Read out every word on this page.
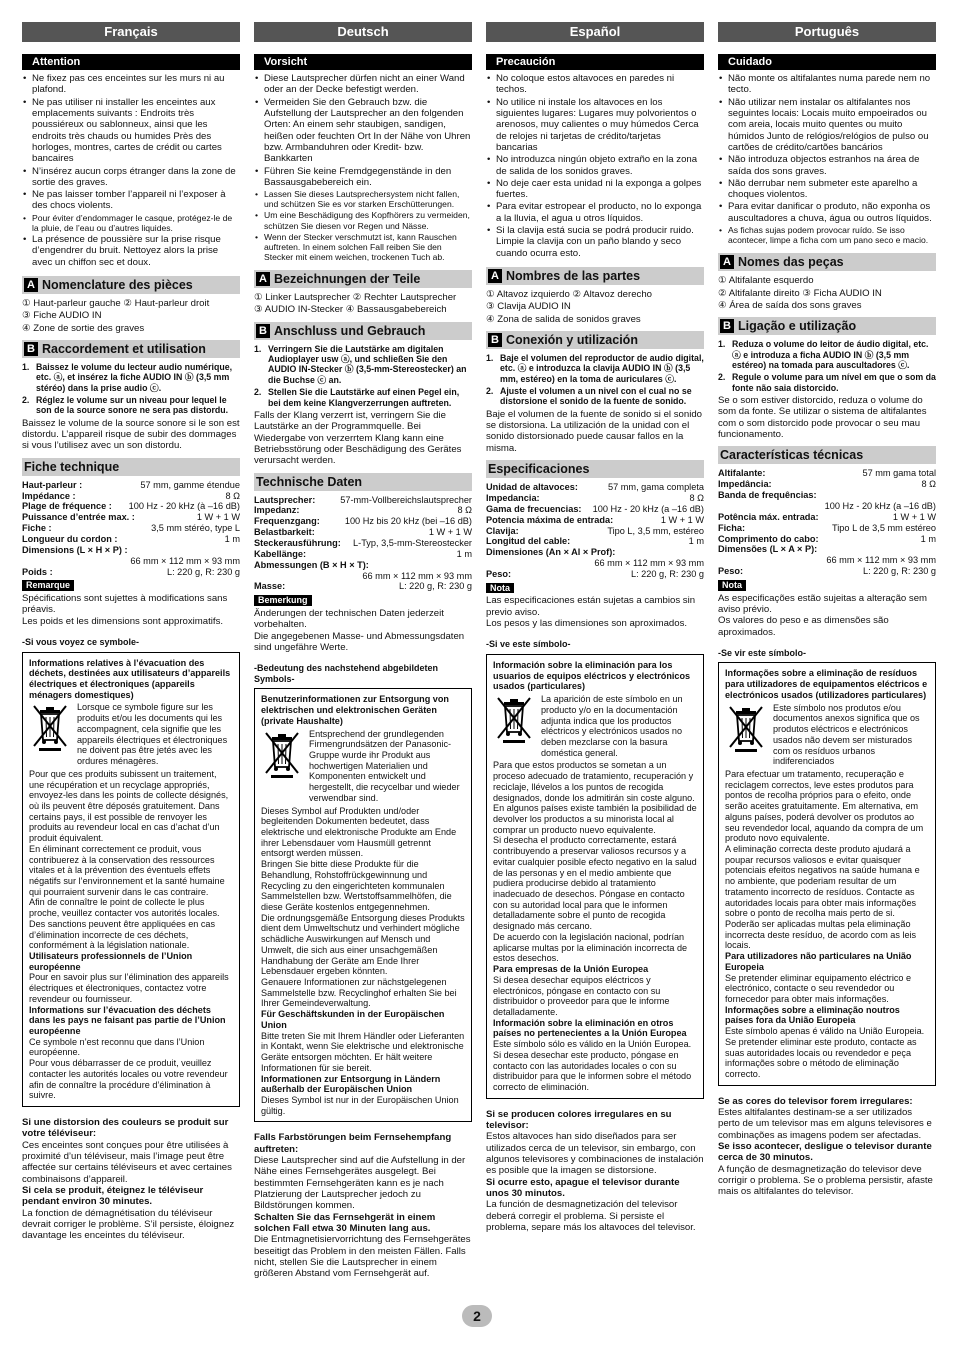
Français
Attention
• Ne fixez pas ces enceintes sur les murs ni au plafond.
• Ne pas utiliser ni installer les enceintes aux emplacements suivants : Endroits très poussiéreux ou sablonneux, ainsi que les endroits très chauds ou humides Près des horloges, montres, cartes de crédit ou cartes bancaires
• N’insérez aucun corps étranger dans la zone de sortie des graves.
• Ne pas laisser tomber l’appareil ni l’exposer à des chocs violents.
• Pour éviter d’endommager le casque, protégez-le de la pluie, de l’eau ou d’autres liquides.
• La présence de poussière sur la prise risque d’engendrer du bruit. Nettoyez alors la prise avec un chiffon sec et doux.
A Nomenclature des pièces
① Haut-parleur gauche ② Haut-parleur droit
③ Fiche AUDIO IN
④ Zone de sortie des graves
B Raccordement et utilisation
1. Baissez le volume du lecteur audio numérique, etc. ⓐ, et insérez la fiche AUDIO IN ⓑ (3,5 mm stéréo) dans la prise audio ⓒ.
2. Réglez le volume sur un niveau pour lequel le son de la source sonore ne sera pas distordu.
Baissez le volume de la source sonore si le son est distordu. L’appareil risque de subir des dommages si vous l’utilisez avec un son distordu.
Fiche technique
Haut-parleur :	57 mm, gamme étendue
Impédance :	8 Ω
Plage de fréquence : 100 Hz - 20 kHz (à –16 dB)
Puissance d’entrée max. :	1 W + 1 W
Fiche :	3,5 mm stéréo, type L
Longueur du cordon :	1 m
Dimensions (L × H × P) :
66 mm × 112 mm × 93 mm
Poids :	L: 220 g, R: 230 g
Remarque
Spécifications sont sujettes à modifications sans préavis.
Les poids et les dimensions sont approximatifs.
-Si vous voyez ce symbole-
Informations relatives à l’évacuation des déchets, destinées aux utilisateurs d’appareils électriques et électroniques (appareils ménagers domestiques)
Lorsque ce symbole figure sur les produits et/ou les documents qui les accompagnent, cela signifie que les appareils électriques et électroniques ne doivent pas être jetés avec les ordures ménagères.
Pour que ces produits subissent un traitement, une récupération et un recyclage appropriés, envoyez-les dans les points de collecte désignés, où ils peuvent être déposés gratuitement. Dans certains pays, il est possible de renvoyer les produits au revendeur local en cas d’achat d’un produit équivalent.
En éliminant correctement ce produit, vous contribuerez à la conservation des ressources vitales et à la prévention des éventuels effets négatifs sur l’environnement et la santé humaine qui pourraient survenir dans le cas contraire.
Afin de connaître le point de collecte le plus proche, veuillez contacter vos autorités locales. Des sanctions peuvent être appliquées en cas d’élimination incorrecte de ces déchets, conformément à la législation nationale.
Utilisateurs professionnels de l’Union européenne
Pour en savoir plus sur l’élimination des appareils électriques et électroniques, contactez votre revendeur ou fournisseur.
Informations sur l’évacuation des déchets dans les pays ne faisant pas partie de l’Union européenne
Ce symbole n’est reconnu que dans l’Union européenne.
Pour vous débarrasser de ce produit, veuillez contacter les autorités locales ou votre revendeur afin de connaître la procédure d’élimination à suivre.
Si une distorsion des couleurs se produit sur votre téléviseur:
Ces enceintes sont conçues pour être utilisées à proximité d’un téléviseur, mais l’image peut être affectée sur certains téléviseurs et avec certaines combinaisons d’appareil.
Si cela se produit, éteignez le téléviseur pendant environ 30 minutes.
La fonction de démagnétisation du téléviseur devrait corriger le problème. S’il persiste, éloignez davantage les enceintes du téléviseur.
Deutsch
Vorsicht
• Diese Lautsprecher dürfen nicht an einer Wand oder an der Decke befestigt werden.
• Vermeiden Sie den Gebrauch bzw. die Aufstellung der Lautsprecher an den folgenden Orten: An einem sehr staubigen, sandigen, heißen oder feuchten Ort In der Nähe von Uhren bzw. Armbanduhren oder Kredit- bzw. Bankkarten
• Führen Sie keine Fremdgegenstände in den Bassausgabebereich ein.
• Lassen Sie dieses Lautsprechersystem nicht fallen, und schützen Sie es vor starken Erschütterungen.
• Um eine Beschädigung des Kopfhörers zu vermeiden, schützen Sie diesen vor Regen und Nässe.
• Wenn der Stecker verschmutzt ist, kann Rauschen auftreten. In einem solchen Fall reiben Sie den Stecker mit einem weichen, trockenen Tuch ab.
A Bezeichnungen der Teile
① Linker Lautsprecher ② Rechter Lautsprecher
③ AUDIO IN-Stecker ④ Bassausgabebereich
B Anschluss und Gebrauch
1. Verringern Sie die Lautstärke am digitalen Audioplayer usw ⓐ, und schließen Sie den AUDIO IN-Stecker ⓑ (3,5-mm-Stereostecker) an die Buchse ⓒ an.
2. Stellen Sie die Lautstärke auf einen Pegel ein, bei dem keine Klangverzerrungen auftreten.
Falls der Klang verzerrt ist, verringern Sie die Lautstärke an der Programmquelle. Bei Wiedergabe von verzerrtem Klang kann eine Betriebsstörung oder Beschädigung des Gerätes verursacht werden.
Technische Daten
Lautsprecher:	57-mm-Vollbereichslautsprecher
Impedanz:	8 Ω
Frequenzgang:	100 Hz bis 20 kHz (bei –16 dB)
Belastbarkeit:	1 W + 1 W
Steckerausführung: L-Typ, 3,5-mm-Stereostecker
Kabellänge:	1 m
Abmessungen (B × H × T):
66 mm × 112 mm × 93 mm
Masse:	L: 220 g, R: 230 g
Bemerkung
Änderungen der technischen Daten jederzeit vorbehalten.
Die angegebenen Masse- und Abmessungsdaten sind ungefähre Werte.
-Bedeutung des nachstehend abgebildeten Symbols-
Benutzerinformationen zur Entsorgung von elektrischen und elektronischen Geräten (private Haushalte)
Entsprechend der grundlegenden Firmengrundsätzen der Panasonic-Gruppe wurde ihr Produkt aus hochwertigen Materialien und Komponenten entwickelt und hergestellt, die recycelbar und wieder verwendbar sind.
Dieses Symbol auf Produkten und/oder begleitenden Dokumenten bedeutet, dass elektrische und elektronische Produkte am Ende ihrer Lebensdauer vom Hausmüll getrennt entsorgt werden müssen.
Bringen Sie bitte diese Produkte für die Behandlung, Rohstoffrückgewinnung und Recycling zu den eingerichteten kommunalen Sammelstellen bzw. Wertstoffsammelhöfen, die diese Geräte kostenlos entgegennehmen.
Die ordnungsgemäße Entsorgung dieses Produkts dient dem Umweltschutz und verhindert mögliche schädliche Auswirkungen auf Mensch und Umwelt, die sich aus einer unsachgemäßen Handhabung der Geräte am Ende Ihrer Lebensdauer ergeben könnten.
Genauere Informationen zur nächstgelegenen Sammelstelle bzw. Recyclinghof erhalten Sie bei Ihrer Gemeindeverwaltung.
Für Geschäftskunden in der Europäischen Union
Bitte treten Sie mit Ihrem Händler oder Lieferanten in Kontakt, wenn Sie elektrische und elektronische Geräte entsorgen möchten. Er hält weitere Informationen für sie bereit.
Informationen zur Entsorgung in Ländern außerhalb der Europäischen Union
Dieses Symbol ist nur in der Europäischen Union gültig.
Falls Farbstörungen beim Fernsehempfang auftreten:
Diese Lautsprecher sind auf die Aufstellung in der Nähe eines Fernsehgerätes ausgelegt. Bei bestimmten Fernsehgeräten kann es je nach Platzierung der Lautsprecher jedoch zu Bildstörungen kommen.
Schalten Sie das Fernsehgerät in einem solchen Fall etwa 30 Minuten lang aus.
Die Entmagnetisiervorrichtung des Fernsehgerätes beseitigt das Problem in den meisten Fällen. Falls nicht, stellen Sie die Lautsprecher in einem größeren Abstand vom Fernsehgerät auf.
Español
Precaución
• No coloque estos altavoces en paredes ni techos.
• No utilice ni instale los altavoces en los siguientes lugares: Lugares muy polvorientos o arenosos, muy calientes o muy húmedos Cerca de relojes ni tarjetas de crédito/tarjetas bancarias
• No introduzca ningún objeto extraño en la zona de salida de los sonidos graves.
• No deje caer esta unidad ni la exponga a golpes fuertes.
• Para evitar estropear el producto, no lo exponga a la lluvia, el agua u otros líquidos.
• Si la clavija está sucia se podrá producir ruido. Limpie la clavija con un paño blando y seco cuando ocurra esto.
A Nombres de las partes
① Altavoz izquierdo ② Altavoz derecho
③ Clavija AUDIO IN
④ Zona de salida de sonidos graves
B Conexión y utilización
1. Baje el volumen del reproductor de audio digital, etc. ⓐ e introduzca la clavija AUDIO IN ⓑ (3,5 mm, estéreo) en la toma de auriculares ⓒ.
2. Ajuste el volumen a un nivel con el cual no se distorsione el sonido de la fuente de sonido.
Baje el volumen de la fuente de sonido si el sonido se distorsiona. La utilización de la unidad con el sonido distorsionado puede causar fallos en la misma.
Especificaciones
Unidad de altavoces:	57 mm, gama completa
Impedancia:	8 Ω
Gama de frecuencias: 100 Hz - 20 kHz (a –16 dB)
Potencia máxima de entrada:	1 W + 1 W
Clavija:	Tipo L, 3,5 mm, estéreo
Longitud del cable:	1 m
Dimensiones (An × Al × Prof):
66 mm × 112 mm × 93 mm
Peso:	L: 220 g, R: 230 g
Nota
Las especificaciones están sujetas a cambios sin previo aviso.
Los pesos y las dimensiones son aproximados.
-Si ve este símbolo-
Información sobre la eliminación para los usuarios de equipos eléctricos y electrónicos usados (particulares)
La aparición de este símbolo en un producto y/o en la documentación adjunta indica que los productos eléctricos y electrónicos usados no deben mezclarse con la basura doméstica general.
Para que estos productos se sometan a un proceso adecuado de tratamiento, recuperación y reciclaje, llévelos a los puntos de recogida designados, donde los admitirán sin coste alguno. En algunos países existe también la posibilidad de devolver los productos a su minorista local al comprar un producto nuevo equivalente.
Si desecha el producto correctamente, estará contribuyendo a preservar valiosos recursos y a evitar cualquier posible efecto negativo en la salud de las personas y en el medio ambiente que pudiera producirse debido al tratamiento inadecuado de desechos. Póngase en contacto con su autoridad local para que le informen detalladamente sobre el punto de recogida designado más cercano.
De acuerdo con la legislación nacional, podrían aplicarse multas por la eliminación incorrecta de estos desechos.
Para empresas de la Unión Europea
Si desea desechar equipos eléctricos y electrónicos, póngase en contacto con su distribuidor o proveedor para que le informe detalladamente.
Información sobre la eliminación en otros países no pertenecientes a la Unión Europea
Este símbolo sólo es válido en la Unión Europea.
Si desea desechar este producto, póngase en contacto con las autoridades locales o con su distribuidor para que le informen sobre el método correcto de eliminación.
Si se producen colores irregulares en su televisor:
Estos altavoces han sido diseñados para ser utilizados cerca de un televisor, sin embargo, con algunos televisores y combinaciones de instalación es posible que la imagen se distorsione.
Si ocurre esto, apague el televisor durante unos 30 minutos.
La función de desmagnetización del televisor deberá corregir el problema. Si persiste el problema, separe más los altavoces del televisor.
Português
Cuidado
• Não monte os altifalantes numa parede nem no tecto.
• Não utilizar nem instalar os altifalantes nos seguintes locais: Locais muito empoeirados ou com areia, locais muito quentes ou muito húmidos Junto de relógios/relógios de pulso ou cartões de crédito/cartões bancários
• Não introduza objectos estranhos na área de saída dos sons graves.
• Não derrubar nem submeter este aparelho a choques violentos.
• Para evitar danificar o produto, não exponha os auscultadores a chuva, água ou outros líquidos.
• As fichas sujas podem provocar ruído. Se isso acontecer, limpe a ficha com um pano seco e macio.
A Nomes das peças
① Altifalante esquerdo
② Altifalante direito ③ Ficha AUDIO IN
④ Área de saída dos sons graves
B Ligação e utilização
1. Reduza o volume do leitor de áudio digital, etc. ⓐ e introduza a ficha AUDIO IN ⓑ (3,5 mm estéreo) na tomada para auscultadores ⓒ.
2. Regule o volume para um nível em que o som da fonte não saia distorcido.
Se o som estiver distorcido, reduza o volume do som da fonte. Se utilizar o sistema de altifalantes com o som distorcido pode provocar o seu mau funcionamento.
Características técnicas
Altifalante:	57 mm gama total
Impedância:	8 Ω
Banda de frequências:
100 Hz - 20 kHz (a –16 dB)
Potência máx. entrada:	1 W + 1 W
Ficha:	Tipo L de 3,5 mm estéreo
Comprimento do cabo:	1 m
Dimensões (L × A × P):
66 mm × 112 mm × 93 mm
Peso:	L: 220 g, R: 230 g
Nota
As especificações estão sujeitas a alteração sem aviso prévio.
Os valores do peso e as dimensões são aproximados.
-Se vir este símbolo-
Informações sobre a eliminação de resíduos para utilizadores de equipamentos eléctricos e electrónicos usados (utilizadores particulares)
Este símbolo nos produtos e/ou documentos anexos significa que os produtos eléctricos e electrónicos usados não devem ser misturados com os resíduos urbanos indiferenciados
Para efectuar um tratamento, recuperação e reciclagem correctos, leve estes produtos para pontos de recolha próprios para o efeito, onde serão aceites gratuitamente. Em alternativa, em alguns países, poderá devolver os produtos ao seu revendedor local, aquando da compra de um produto novo equivalente.
A eliminação correcta deste produto ajudará a poupar recursos valiosos e evitar quaisquer potenciais efeitos negativos na saúde humana e no ambiente, que poderiam resultar de um tratamento incorrecto de resíduos. Contacte as autoridades locais para obter mais informações sobre o ponto de recolha mais perto de si.
Poderão ser aplicadas multas pela eliminação incorrecta deste resíduo, de acordo com as leis locais.
Para utilizadores não particulares na União Europeia
Se pretender eliminar equipamento eléctrico e electrónico, contacte o seu revendedor ou fornecedor para obter mais informações.
Informações sobre a eliminação noutros países fora da União Europeia
Este símbolo apenas é válido na União Europeia.
Se pretender eliminar este produto, contacte as suas autoridades locais ou revendedor e peça informações sobre o método de eliminação correcto.
Se as cores do televisor forem irregulares:
Estes altifalantes destinam-se a ser utilizados perto de um televisor mas em alguns televisores e combinações as imagens podem ser afectadas.
Se isso acontecer, desligue o televisor durante cerca de 30 minutos.
A função de desmagnetização do televisor deve corrigir o problema. Se o problema persistir, afaste mais os altifalantes do televisor.
2
